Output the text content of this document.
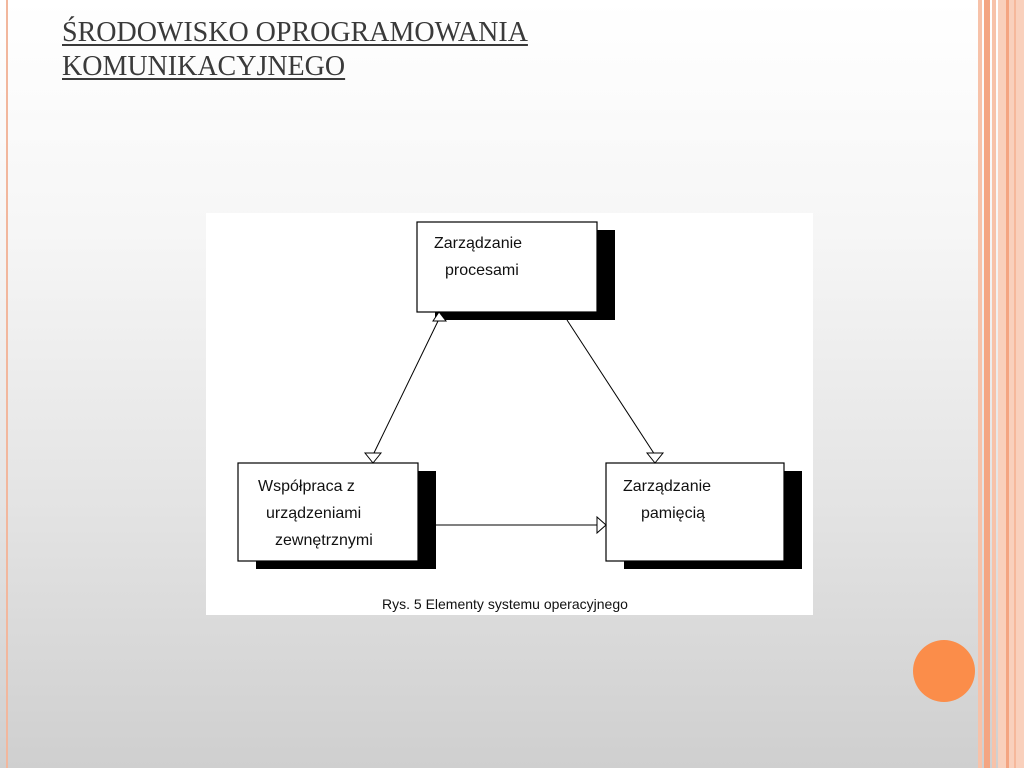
ŚRODOWISKO OPROGRAMOWANIA
KOMUNIKACYJNEGO
Zarządzanie
procesami
Współpraca z
urządzeniami
zewnętrznymi
Zarządzanie
pamięcią
Rys. 5 Elementy systemu operacyjnego
